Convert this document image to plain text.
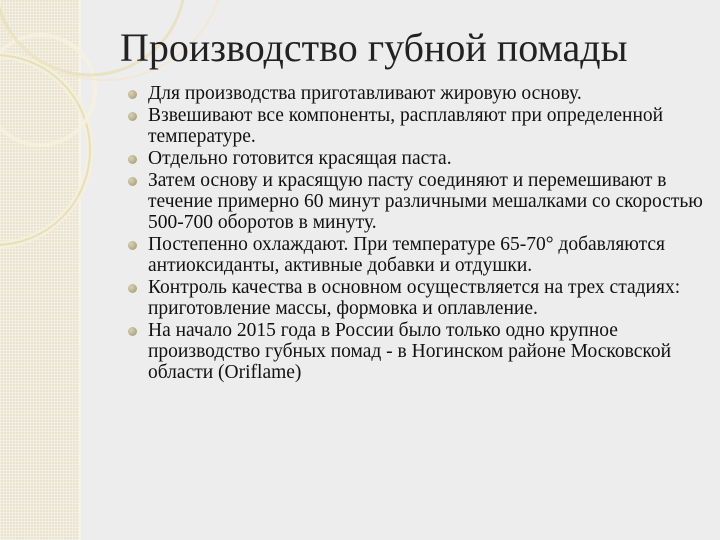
Производство губной помады
Для производства приготавливают жировую основу.
Взвешивают все компоненты, расплавляют при определенной температуре.
Отдельно готовится красящая паста.
Затем основу и красящую пасту соединяют и перемешивают в течение примерно 60 минут различными мешалками со скоростью 500-700 оборотов в минуту.
Постепенно охлаждают. При температуре 65-70° добавляются антиоксиданты, активные добавки и отдушки.
Контроль качества в основном осуществляется на трех стадиях: приготовление массы, формовка и оплавление.
На начало 2015 года в России было только одно крупное производство губных помад - в Ногинском районе Московской области (Oriflame)
